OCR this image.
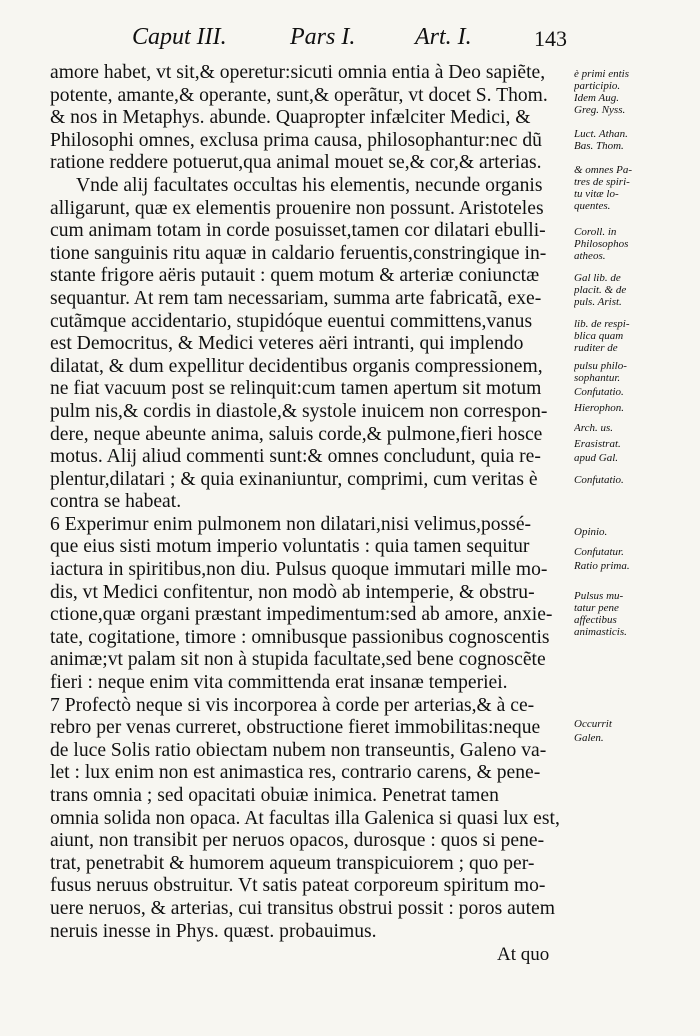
Caput III.	Pars I. Art. I.	143
amore habet, vt sit,& operetur:sicuti omnia entia à Deo sapiẽte,
potente, amante,& operante, sunt,& operãtur, vt docet S. Thom.
& nos in Metaphys. abunde. Quapropter infælciter Medici, &
Philosophi omnes, exclusa prima causa, philosophantur:nec dũ
ratione reddere potuerut,qua animal mouet se,& cor,& arterias.
Vnde alij facultates occultas his elementis, necunde organis
alligarunt, quæ ex elementis prouenire non possunt. Aristoteles
cum animam totam in corde posuisset,tamen cor dilatari ebulli-
tione sanguinis ritu aquæ in caldario feruentis,constringique in-
stante frigore aëris putauit : quem motum & arteriæ coniunctæ
sequantur. At rem tam necessariam, summa arte fabricatã, exe-
cutãmque accidentario, stupidóque euentui committens,vanus
est Democritus, & Medici veteres aëri intranti, qui implendo
dilatat, & dum expellitur decidentibus organis compressionem,
ne fiat vacuum post se relinquit:cum tamen apertum sit motum
pulm nis,& cordis in diastole,& systole inuicem non correspon-
dere, neque abeunte anima, saluis corde,& pulmone,fieri hosce
motus. Alij aliud commenti sunt:& omnes concludunt, quia re-
plentur,dilatari ; & quia exinaniuntur, comprimi, cum veritas è
contra se habeat.
6 Experimur enim pulmonem non dilatari,nisi velimus,possé-
que eius sisti motum imperio voluntatis : quia tamen sequitur
iactura in spiritibus,non diu. Pulsus quoque immutari mille mo-
dis, vt Medici confitentur, non modò ab intemperie, & obstru-
ctione,quæ organi præstant impedimentum:sed ab amore, anxie-
tate, cogitatione, timore : omnibusque passionibus cognoscentis
animæ;vt palam sit non à stupida facultate,sed bene cognoscẽte
fieri : neque enim vita committenda erat insanæ temperiei.
7 Profectò neque si vis incorporea à corde per arterias,& à ce-
rebro per venas curreret, obstructione fieret immobilitas:neque
de luce Solis ratio obiectam nubem non transeuntis, Galeno va-
let : lux enim non est animastica res, contrario carens, & pene-
trans omnia ; sed opacitati obuiæ inimica. Penetrat tamen
omnia solida non opaca. At facultas illa Galenica si quasi lux est,
aiunt, non transibit per neruos opacos, durosque : quos si pene-
trat, penetrabit & humorem aqueum transpicuiorem ; quo per-
fusus neruus obstruitur. Vt satis pateat corporeum spiritum mo-
uere neruos, & arterias, cui transitus obstrui possit : poros autem
neruis inesse in Phys. quæst. probauimus.
è primi entis
participio.
Idem Aug.
Greg. Nyss.
Luct. Athan.
Bas. Thom.
& omnes Pa-
tres de spiri-
tu vitæ lo-
quentes.
Coroll. in
Philosophos
atheos.
Gal lib. de
placit. & de
puls. Arist.
lib. de respi-
blica quam
ruditer de
pulsu philo-
sophantur.
Confutatio.
Hierophon.
Arch. us.
Erasistrat.
apud Gal.
Confutatio.
Opinio.
Confutatur.
Ratio prima.
Pulsus mu-
tatur pene
affectibus
animasticis.
Occurrit
Galen.
At quo
